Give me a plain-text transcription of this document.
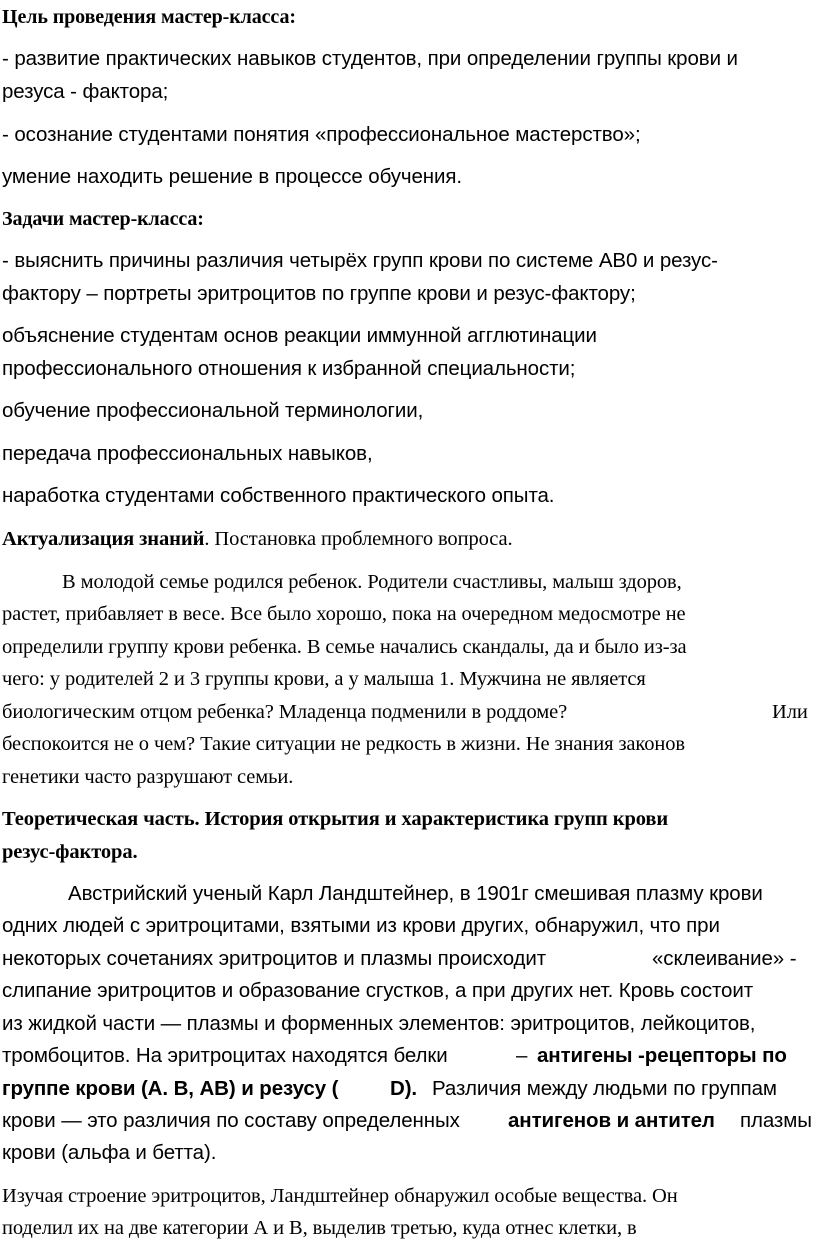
Цель проведения мастер-класса:
- развитие практических навыков студентов, при определении группы крови и
резуса - фактора;
- осознание студентами понятия «профессиональное мастерство»;
умение находить решение в процессе обучения.
Задачи мастер-класса:
- выяснить причины различия четырёх групп крови по системе АВ0 и резус-
фактору – портреты эритроцитов по группе крови и резус-фактору;
объяснение студентам основ реакции иммунной агглютинации
профессионального отношения к избранной специальности;
обучение профессиональной терминологии,
передача профессиональных навыков,
наработка студентами собственного практического опыта.
Актуализация знаний. Постановка проблемного вопроса.
В молодой семье родился ребенок. Родители счастливы, малыш здоров,
растет, прибавляет в весе. Все было хорошо, пока на очередном медосмотре не
определили группу крови ребенка. В семье начались скандалы, да и было из-за
чего: у родителей 2 и 3 группы крови, а у малыша 1. Мужчина не является
биологическим отцом ребенка? Младенца подменили в роддоме?	Или
беспокоится не о чем? Такие ситуации не редкость в жизни. Не знания законов
генетики часто разрушают семьи.
Теоретическая часть. История открытия и характеристика групп крови
резус-фактора.
Австрийский ученый Карл Ландштейнер, в 1901г смешивая плазму крови
одних людей с эритроцитами, взятыми из крови других, обнаружил, что при
некоторых сочетаниях эритроцитов и плазмы происходит	«склеивание» -
слипание эритроцитов и образование сгустков, а при других нет. Кровь состоит
из жидкой части — плазмы и форменных элементов: эритроцитов, лейкоцитов,
тромбоцитов. На эритроцитах находятся белки	– антигены -рецепторы по
группе крови (А. В, АВ) и резусу (	D). Различия между людьми по группам
крови — это различия по составу определенных антигенов и антител плазмы
крови (альфа и бетта).
Изучая строение эритроцитов, Ландштейнер обнаружил особые вещества. Он
поделил их на две категории А и В, выделив третью, куда отнес клетки, в
